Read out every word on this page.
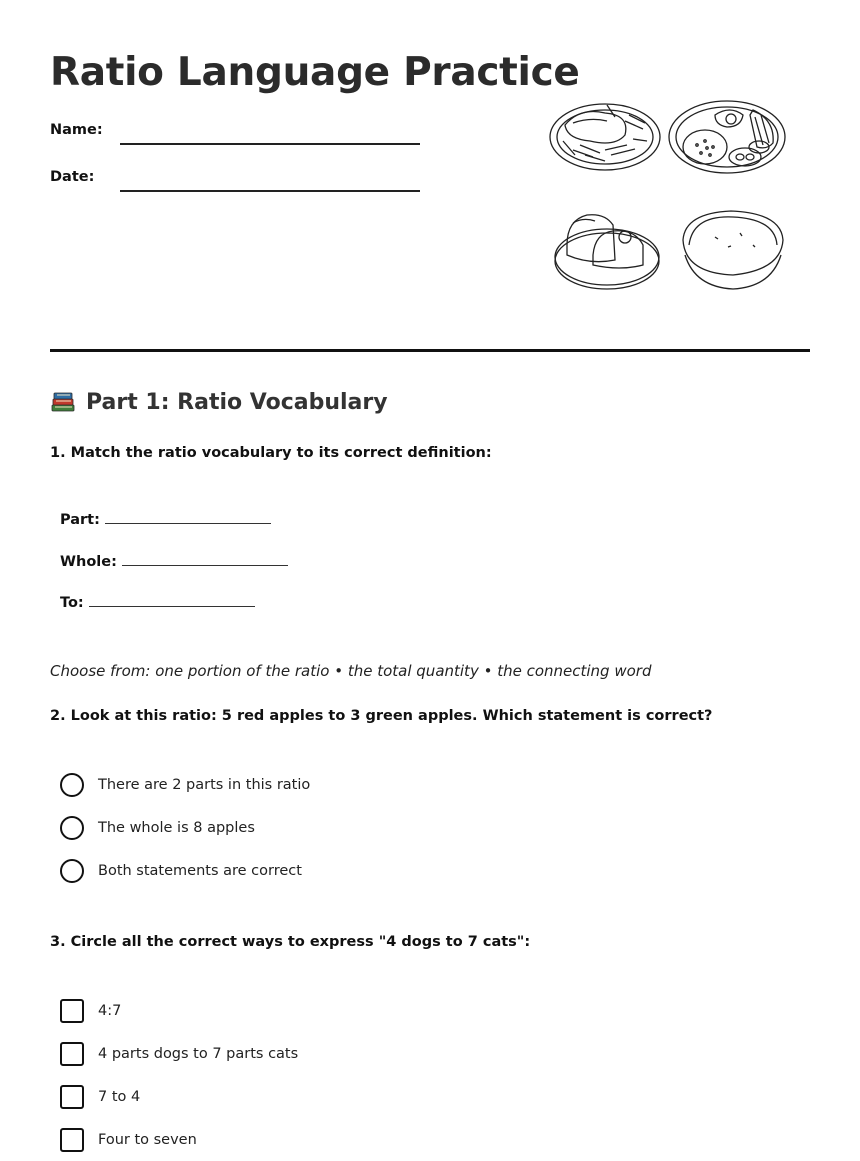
Ratio Language Practice
Name:
Date:
Part 1: Ratio Vocabulary
1. Match the ratio vocabulary to its correct definition:
Part:
Whole:
To:
Choose from: one portion of the ratio • the total quantity • the connecting word
2. Look at this ratio: 5 red apples to 3 green apples. Which statement is correct?
There are 2 parts in this ratio
The whole is 8 apples
Both statements are correct
3. Circle all the correct ways to express "4 dogs to 7 cats":
4:7
4 parts dogs to 7 parts cats
7 to 4
Four to seven
